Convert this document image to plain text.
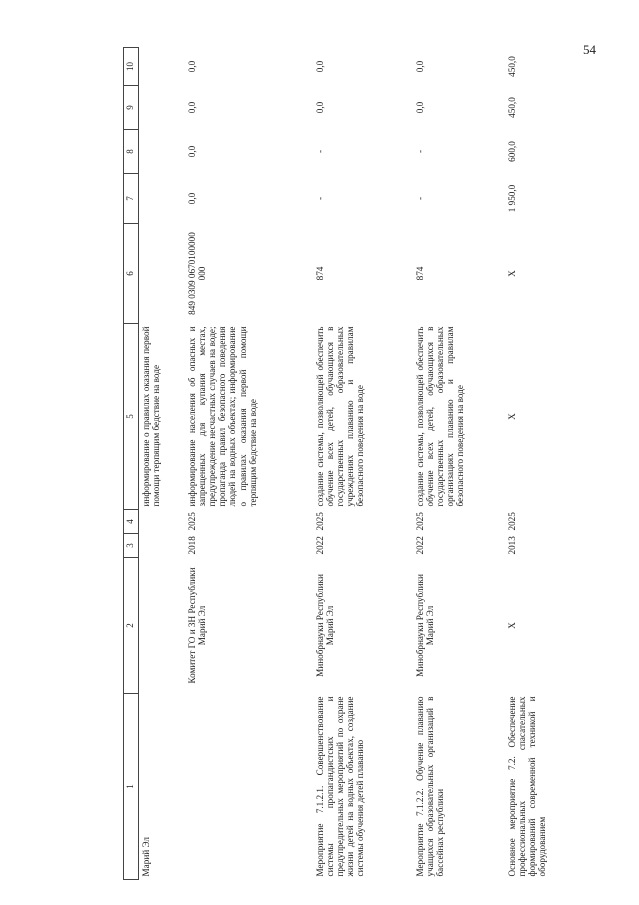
54
1	2	3	4	5	6	7	8	9	10
Марий Эл				информирование о правилах оказания первой помощи терпящим бедствие на воде					
	Комитет ГО и ЗН Республики Марий Эл	2018	2025	информирование населения об опасных и запрещенных для купания местах, предупреждение несчастных случаев на воде; пропаганда правил безопасного поведения людей на водных объектах; информирование о правилах оказания первой помощи терпящим бедствие на воде	849 0309 0670100000 000	0,0	0,0	0,0	0,0
Мероприятие 7.1.2.1. Совершенствование системы пропагандистских и предупредительных мероприятий по охране жизни детей на водных объектах, создание системы обучения детей плаванию	Минобрнауки Республики Марий Эл	2022	2025	создание системы, позволяющей обеспечить обучение всех детей, обучающихся в государственных образовательных учреждениях плаванию и правилам безопасного поведения на воде	874	-	-	0,0	0,0
Мероприятие 7.1.2.2. Обучение плаванию учащихся образовательных организаций в бассейнах республики	Минобрнауки Республики Марий Эл	2022	2025	создание системы, позволяющей обеспечить обучение всех детей, обучающихся в государственных образовательных организациях плаванию и правилам безопасного поведения на воде	874	-	-	0,0	0,0
Основное мероприятие 7.2. Обеспечение профессиональных спасательных формирований современной техникой и оборудованием	Х	2013	2025	Х	Х	1 950,0	600,0	450,0	450,0
